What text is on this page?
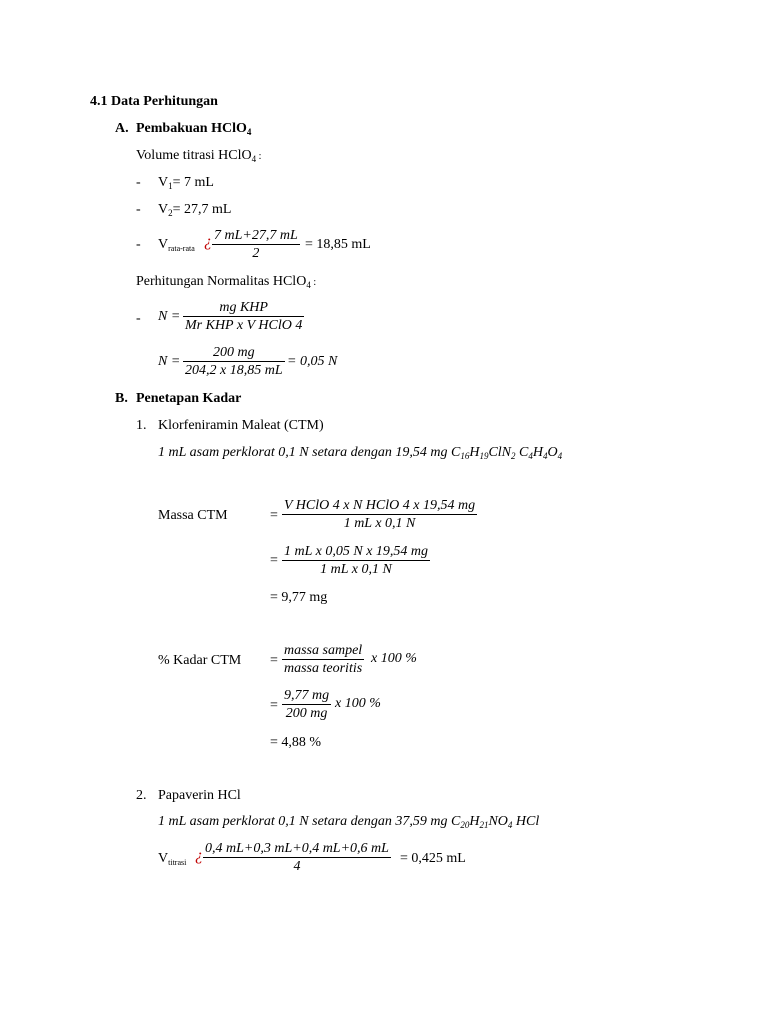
4.1 Data Perhitungan
A. Pembakuan HClO$_4$
Volume titrasi HClO$_4$ :
- $V_1= 7$ mL
- $V_2= 27,7$ mL
- $V_{rata-rata}$ ¿ $\frac{7 mL+27,7 mL}{2} = 18,85$ mL
Perhitungan Normalitas HClO$_4$ :
- N =
mg KHP
Mr KHP x V HClO 4
$N = \frac{200 mg}{204,2 x 18,85 mL} = 0,05$ N
B. Penetapan Kadar
1. Klorfeniramin Maleat (CTM)
1 mL asam perklorat 0,1 N setara dengan 19,54 mg $C_{16}H_{19}ClN_2$ $C_4H_4O_4$
Massa CTM	=
V HClO 4 x N HClO 4 x 19,54 mg
1 mL x 0,1 N
= $\frac{\text{1 mL x 0,05 N x 19,54 mg}}{\text{1 mL x 0,1 N}}$
= 9,77 mg
% Kadar CTM =
massa sampel
massa teoritis
x 100 %
= $\frac{9,77 mg}{200 mg}$ x 100 %
= 4,88 %
2. Papaverin HCl
1 mL asam perklorat 0,1 N setara dengan 37,59 mg $C_{20}H_{21}NO_4$ HCl
$V_{titrasi}$ ¿ $\frac{0,4 mL+0,3 mL+0,4 mL+0,6 mL}{4} = 0,425$ mL
